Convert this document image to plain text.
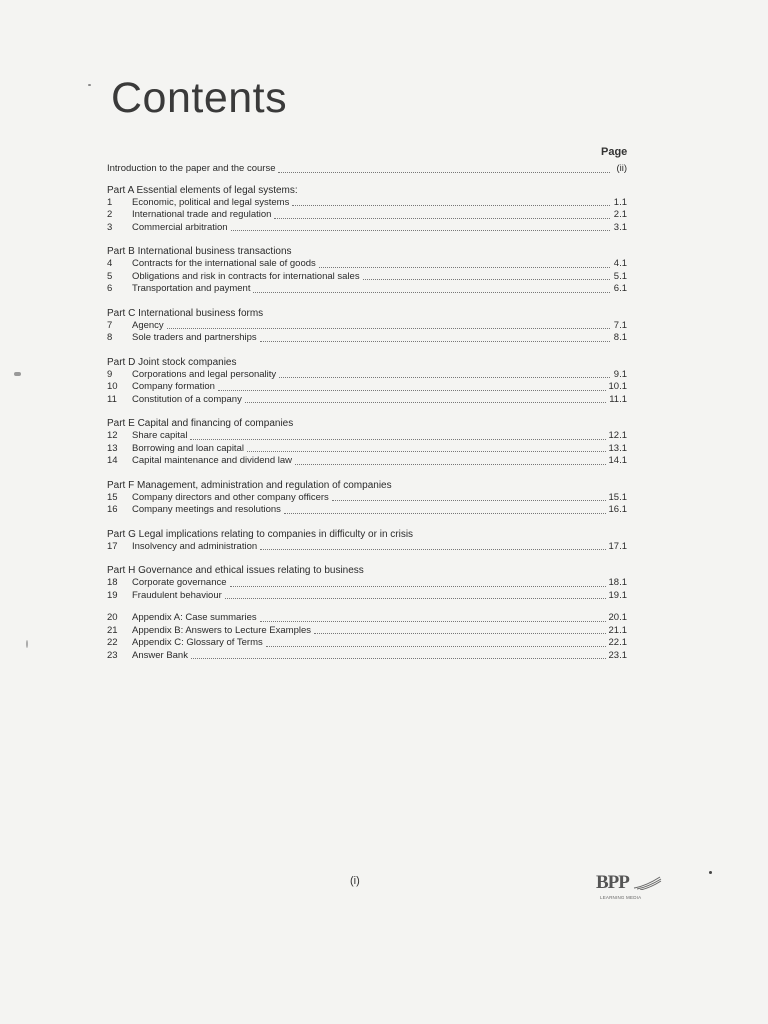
Contents
Page
Introduction to the paper and the course	(ii)
Part A Essential elements of legal systems:
1	Economic, political and legal systems	1.1
2	International trade and regulation	2.1
3	Commercial arbitration	3.1
Part B International business transactions
4	Contracts for the international sale of goods	4.1
5	Obligations and risk in contracts for international sales	5.1
6	Transportation and payment	6.1
Part C International business forms
7	Agency	7.1
8	Sole traders and partnerships	8.1
Part D Joint stock companies
9	Corporations and legal personality	9.1
10	Company formation	10.1
11	Constitution of a company	11.1
Part E Capital and financing of companies
12	Share capital	12.1
13	Borrowing and loan capital	13.1
14	Capital maintenance and dividend law	14.1
Part F Management, administration and regulation of companies
15	Company directors and other company officers	15.1
16	Company meetings and resolutions	16.1
Part G Legal implications relating to companies in difficulty or in crisis
17	Insolvency and administration	17.1
Part H Governance and ethical issues relating to business
18	Corporate governance	18.1
19	Fraudulent behaviour	19.1
20	Appendix A: Case summaries	20.1
21	Appendix B: Answers to Lecture Examples	21.1
22	Appendix C: Glossary of Terms	22.1
23	Answer Bank	23.1
(i)	BPP
LEARNING MEDIA
